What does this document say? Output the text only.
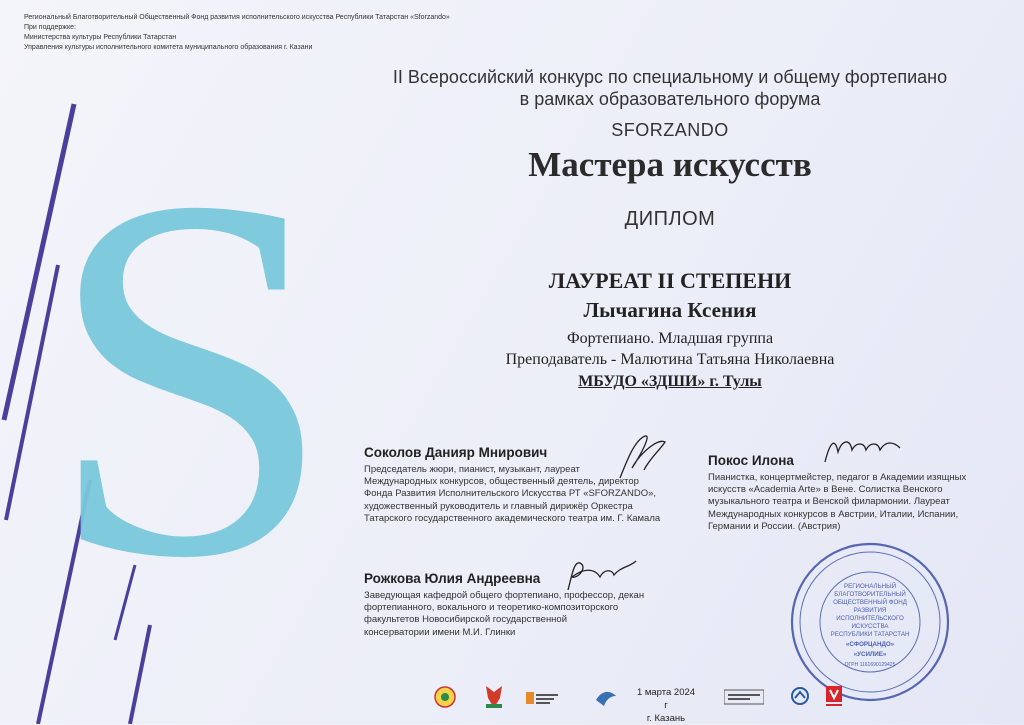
S
Региональный Благотворительный Общественный Фонд развития исполнительского искусства Республики Татарстан «Sforzando»
При поддержке:
Министерства культуры Республики Татарстан
Управления культуры исполнительного комитета муниципального образования г. Казани
II Всероссийский конкурс по специальному и общему фортепиано
в рамках образовательного форума
SFORZANDO
Мастера искусств
ДИПЛОМ
ЛАУРЕАТ II СТЕПЕНИ
Лычагина Ксения
Фортепиано. Младшая группа
Преподаватель - Малютина Татьяна Николаевна
МБУДО «ЗДШИ» г. Тулы
Соколов Данияр Мнирович
Председатель жюри, пианист, музыкант, лауреат
Международных конкурсов, общественный деятель, директор
Фонда Развития Исполнительского Искусства РТ «SFORZANDO»,
художественный руководитель и главный дирижёр Оркестра
Татарского государственного академического театра им. Г. Камала
Покос Илона
Пианистка, концертмейстер, педагог в Академии изящных
искусств «Academia Arte» в Вене. Солистка Венского
музыкального театра и Венской филармонии. Лауреат
Международных конкурсов в Австрии, Италии, Испании,
Германии и России. (Австрия)
Рожкова Юлия Андреевна
Заведующая кафедрой общего фортепиано, профессор, декан
фортепианного, вокального и теоретико-композиторского
факультетов Новосибирской государственной
консерватории имени М.И. Глинки
РЕГИОНАЛЬНЫЙ
БЛАГОТВОРИТЕЛЬНЫЙ
ОБЩЕСТВЕННЫЙ ФОНД
РАЗВИТИЯ
ИСПОЛНИТЕЛЬСКОГО
ИСКУССТВА
РЕСПУБЛИКИ ТАТАРСТАН
«СФОРЦАНДО»
«УСИЛИЕ»
ОГРН 1161690129425
1 марта 2024 г
г. Казань
